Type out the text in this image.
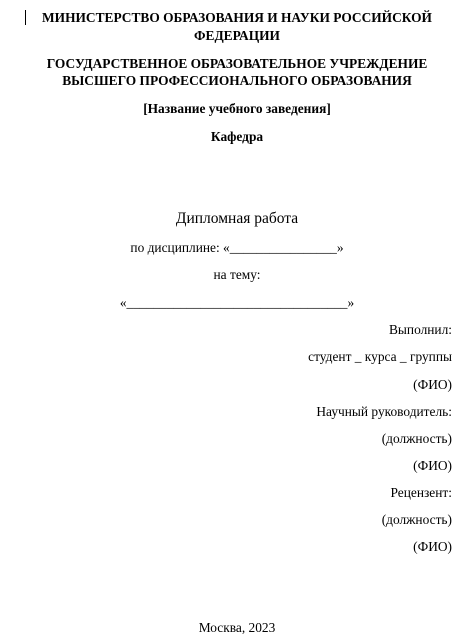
МИНИСТЕРСТВО ОБРАЗОВАНИЯ И НАУКИ РОССИЙСКОЙ
ФЕДЕРАЦИИ
ГОСУДАРСТВЕННОЕ ОБРАЗОВАТЕЛЬНОЕ УЧРЕЖДЕНИЕ
ВЫСШЕГО ПРОФЕССИОНАЛЬНОГО ОБРАЗОВАНИЯ
[Название учебного заведения]
Кафедра
Дипломная работа
по дисциплине: «________________»
на тему:
«_________________________________»
Выполнил:
студент _ курса _ группы
(ФИО)
Научный руководитель:
(должность)
(ФИО)
Рецензент:
(должность)
(ФИО)
Москва, 2023
